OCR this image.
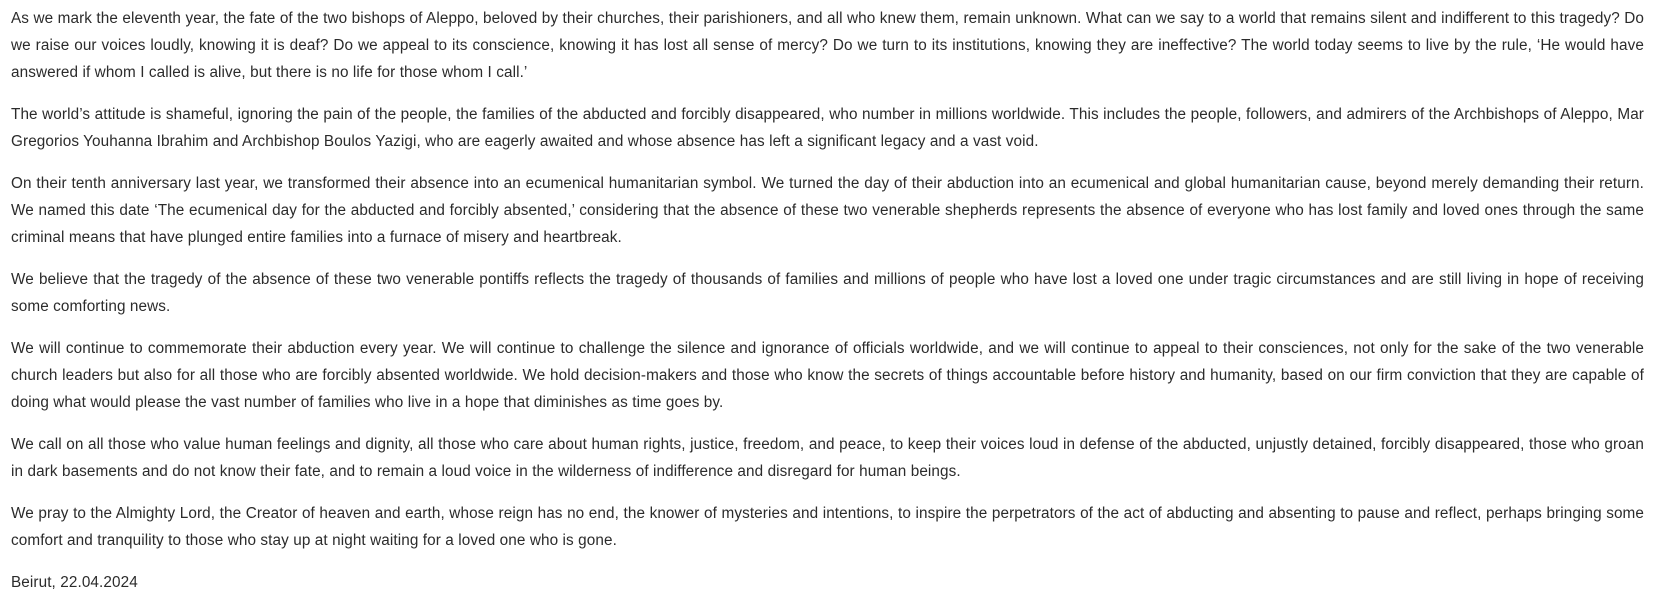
As we mark the eleventh year, the fate of the two bishops of Aleppo, beloved by their churches, their parishioners, and all who knew them, remain unknown. What can we say to a world that remains silent and indifferent to this tragedy? Do we raise our voices loudly, knowing it is deaf? Do we appeal to its conscience, knowing it has lost all sense of mercy? Do we turn to its institutions, knowing they are ineffective? The world today seems to live by the rule, ‘He would have answered if whom I called is alive, but there is no life for those whom I call.’

The world’s attitude is shameful, ignoring the pain of the people, the families of the abducted and forcibly disappeared, who number in millions worldwide. This includes the people, followers, and admirers of the Archbishops of Aleppo, Mar Gregorios Youhanna Ibrahim and Archbishop Boulos Yazigi, who are eagerly awaited and whose absence has left a significant legacy and a vast void.

On their tenth anniversary last year, we transformed their absence into an ecumenical humanitarian symbol. We turned the day of their abduction into an ecumenical and global humanitarian cause, beyond merely demanding their return. We named this date ‘The ecumenical day for the abducted and forcibly absented,’ considering that the absence of these two venerable shepherds represents the absence of everyone who has lost family and loved ones through the same criminal means that have plunged entire families into a furnace of misery and heartbreak.

We believe that the tragedy of the absence of these two venerable pontiffs reflects the tragedy of thousands of families and millions of people who have lost a loved one under tragic circumstances and are still living in hope of receiving some comforting news.

We will continue to commemorate their abduction every year. We will continue to challenge the silence and ignorance of officials worldwide, and we will continue to appeal to their consciences, not only for the sake of the two venerable church leaders but also for all those who are forcibly absented worldwide. We hold decision-makers and those who know the secrets of things accountable before history and humanity, based on our firm conviction that they are capable of doing what would please the vast number of families who live in a hope that diminishes as time goes by.

We call on all those who value human feelings and dignity, all those who care about human rights, justice, freedom, and peace, to keep their voices loud in defense of the abducted, unjustly detained, forcibly disappeared, those who groan in dark basements and do not know their fate, and to remain a loud voice in the wilderness of indifference and disregard for human beings.

We pray to the Almighty Lord, the Creator of heaven and earth, whose reign has no end, the knower of mysteries and intentions, to inspire the perpetrators of the act of abducting and absenting to pause and reflect, perhaps bringing some comfort and tranquility to those who stay up at night waiting for a loved one who is gone.

Beirut, 22.04.2024
